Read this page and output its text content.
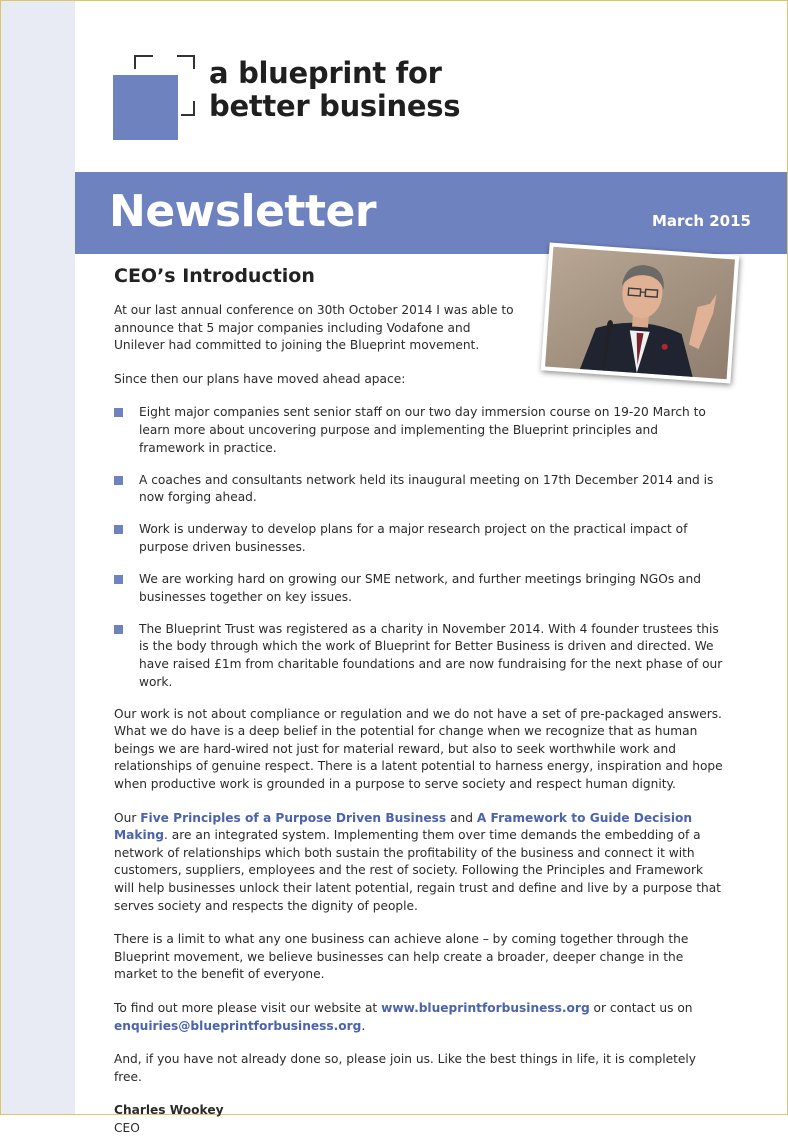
a blueprint for
better business
Newsletter	March 2015
CEO’s Introduction

At our last annual conference on 30th October 2014 I was able to announce that 5 major companies including Vodafone and Unilever had committed to joining the Blueprint movement.

Since then our plans have moved ahead apace:

Eight major companies sent senior staff on our two day immersion course on 19-20 March to learn more about uncovering purpose and implementing the Blueprint principles and framework in practice.
A coaches and consultants network held its inaugural meeting on 17th December 2014 and is now forging ahead.
Work is underway to develop plans for a major research project on the practical impact of purpose driven businesses.
We are working hard on growing our SME network, and further meetings bringing NGOs and businesses together on key issues.
The Blueprint Trust was registered as a charity in November 2014. With 4 founder trustees this is the body through which the work of Blueprint for Better Business is driven and directed. We have raised £1m from charitable foundations and are now fundraising for the next phase of our work.

Our work is not about compliance or regulation and we do not have a set of pre-packaged answers. What we do have is a deep belief in the potential for change when we recognize that as human beings we are hard-wired not just for material reward, but also to seek worthwhile work and relationships of genuine respect. There is a latent potential to harness energy, inspiration and hope when productive work is grounded in a purpose to serve society and respect human dignity.

Our Five Principles of a Purpose Driven Business and A Framework to Guide Decision Making. are an integrated system. Implementing them over time demands the embedding of a network of relationships which both sustain the profitability of the business and connect it with customers, suppliers, employees and the rest of society. Following the Principles and Framework will help businesses unlock their latent potential, regain trust and define and live by a purpose that serves society and respects the dignity of people.

There is a limit to what any one business can achieve alone – by coming together through the Blueprint movement, we believe businesses can help create a broader, deeper change in the market to the benefit of everyone.

To find out more please visit our website at www.blueprintforbusiness.org or contact us on enquiries@blueprintforbusiness.org.

And, if you have not already done so, please join us. Like the best things in life, it is completely free.

Charles Wookey

CEO
